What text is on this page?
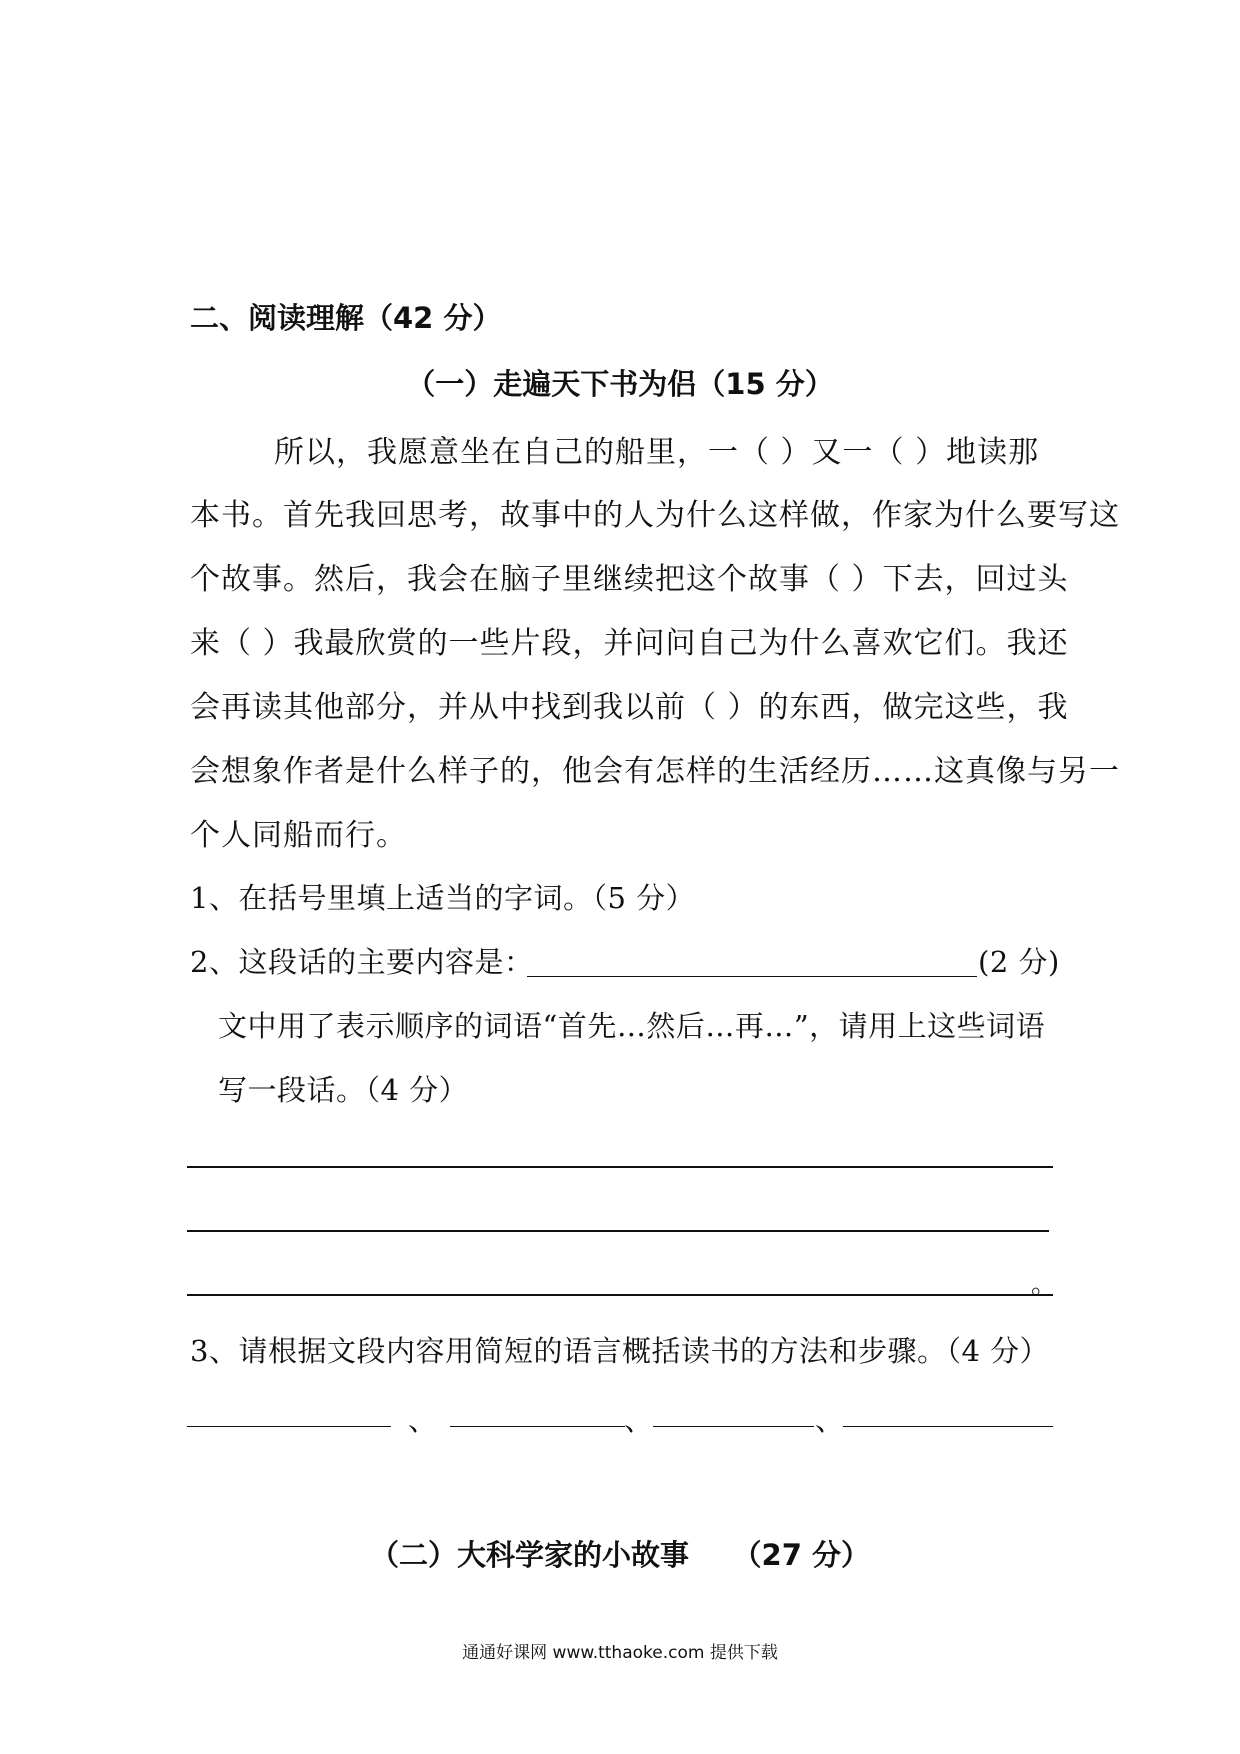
二、阅读理解（42 分）
（一）走遍天下书为侣（15 分）
所以，我愿意坐在自己的船里，一（ ）又一（ ）地读那
本书。首先我回思考，故事中的人为什么这样做，作家为什么要写这
个故事。然后，我会在脑子里继续把这个故事（ ）下去，回过头
来（ ）我最欣赏的一些片段，并问问自己为什么喜欢它们。我还
会再读其他部分，并从中找到我以前（ ）的东西，做完这些，我
会想象作者是什么样子的，他会有怎样的生活经历……这真像与另一
个人同船而行。
1、在括号里填上适当的字词。（5 分）
2、这段话的主要内容是：	(2 分)
文中用了表示顺序的词语“首先…然后…再…”，请用上这些词语
写一段话。（4 分）
。
3、请根据文段内容用简短的语言概括读书的方法和步骤。（4 分）
、	、	、
（二）大科学家的小故事　　（27 分）
通通好课网 www.tthaoke.com 提供下载
